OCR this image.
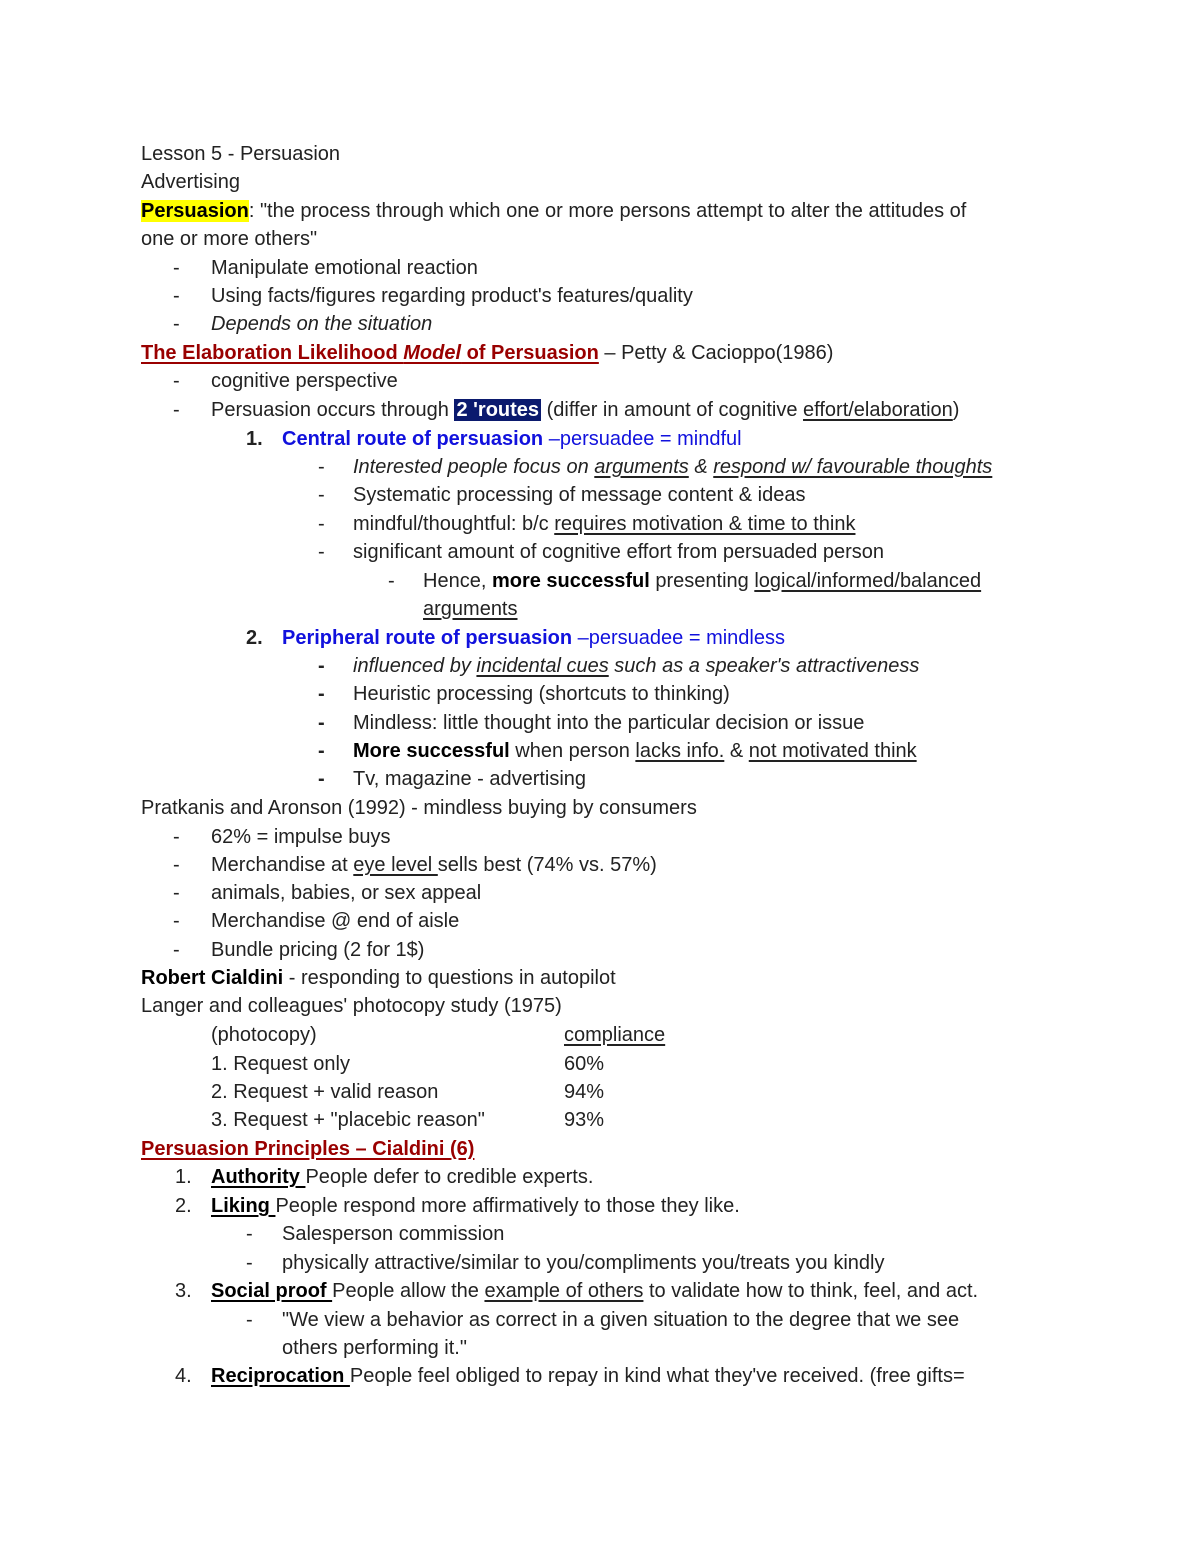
Lesson 5 - Persuasion
Advertising
Persuasion: "the process through which one or more persons attempt to alter the attitudes of
one or more others"
- Manipulate emotional reaction
- Using facts/figures regarding product's features/quality
- Depends on the situation
The Elaboration Likelihood Model of Persuasion – Petty & Cacioppo(1986)
- cognitive perspective
- Persuasion occurs through 2 'routes (differ in amount of cognitive effort/elaboration)
1. Central route of persuasion –persuadee = mindful
- Interested people focus on arguments & respond w/ favourable thoughts
- Systematic processing of message content & ideas
- mindful/thoughtful: b/c requires motivation & time to think
- significant amount of cognitive effort from persuaded person
- Hence, more successful presenting logical/informed/balanced
arguments
2. Peripheral route of persuasion –persuadee = mindless
- influenced by incidental cues such as a speaker's attractiveness
- Heuristic processing (shortcuts to thinking)
- Mindless: little thought into the particular decision or issue
- More successful when person lacks info. & not motivated think
- Tv, magazine - advertising
Pratkanis and Aronson (1992) - mindless buying by consumers
- 62% = impulse buys
- Merchandise at eye level sells best (74% vs. 57%)
- animals, babies, or sex appeal
- Merchandise @ end of aisle
- Bundle pricing (2 for 1$)
Robert Cialdini - responding to questions in autopilot
Langer and colleagues' photocopy study (1975)
(photocopy)	compliance
1. Request only	60%
2. Request + valid reason	94%
3. Request + "placebic reason"	93%
Persuasion Principles – Cialdini (6)
1. Authority People defer to credible experts.
2. Liking People respond more affirmatively to those they like.
- Salesperson commission
- physically attractive/similar to you/compliments you/treats you kindly
3. Social proof People allow the example of others to validate how to think, feel, and act.
- "We view a behavior as correct in a given situation to the degree that we see
others performing it."
4. Reciprocation People feel obliged to repay in kind what they've received. (free gifts=
